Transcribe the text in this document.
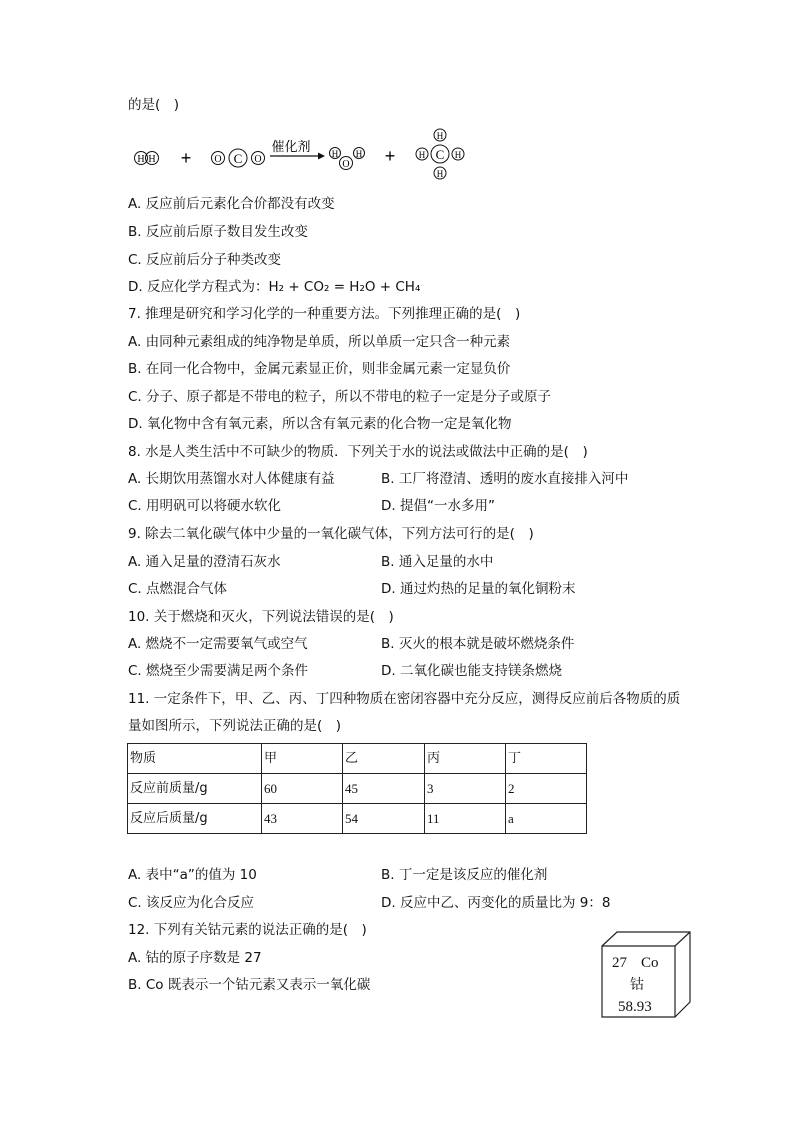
的是(　)
H H + O C O
催化剂 H
O
H +	C
H
H
H	H
A. 反应前后元素化合价都没有改变
B. 反应前后原子数目发生改变
C. 反应前后分子种类改变
D. 反应化学方程式为：H₂ + CO₂ = H₂O + CH₄
7. 推理是研究和学习化学的一种重要方法。下列推理正确的是(　)
A. 由同种元素组成的纯净物是单质，所以单质一定只含一种元素
B. 在同一化合物中，金属元素显正价，则非金属元素一定显负价
C. 分子、原子都是不带电的粒子，所以不带电的粒子一定是分子或原子
D. 氧化物中含有氧元素，所以含有氧元素的化合物一定是氧化物
8. 水是人类生活中不可缺少的物质．下列关于水的说法或做法中正确的是(　)
A. 长期饮用蒸馏水对人体健康有益	B. 工厂将澄清、透明的废水直接排入河中
C. 用明矾可以将硬水软化	D. 提倡“一水多用”
9. 除去二氧化碳气体中少量的一氧化碳气体，下列方法可行的是(　)
A. 通入足量的澄清石灰水	B. 通入足量的水中
C. 点燃混合气体	D. 通过灼热的足量的氧化铜粉末
10. 关于燃烧和灭火，下列说法错误的是(　)
A. 燃烧不一定需要氧气或空气	B. 灭火的根本就是破坏燃烧条件
C. 燃烧至少需要满足两个条件	D. 二氧化碳也能支持镁条燃烧
11. 一定条件下，甲、乙、丙、丁四种物质在密闭容器中充分反应，测得反应前后各物质的质
量如图所示，下列说法正确的是(　)
物质	甲	乙	丙	丁
反应前质量/g	60	45	3	2
反应后质量/g	43	54	11	a
A. 表中“a”的值为 10	B. 丁一定是该反应的催化剂
C. 该反应为化合反应	D. 反应中乙、丙变化的质量比为 9：8
12. 下列有关钴元素的说法正确的是(　)
A. 钴的原子序数是 27
B. Co 既表示一个钴元素又表示一氧化碳
27 Co
钴
58.93
